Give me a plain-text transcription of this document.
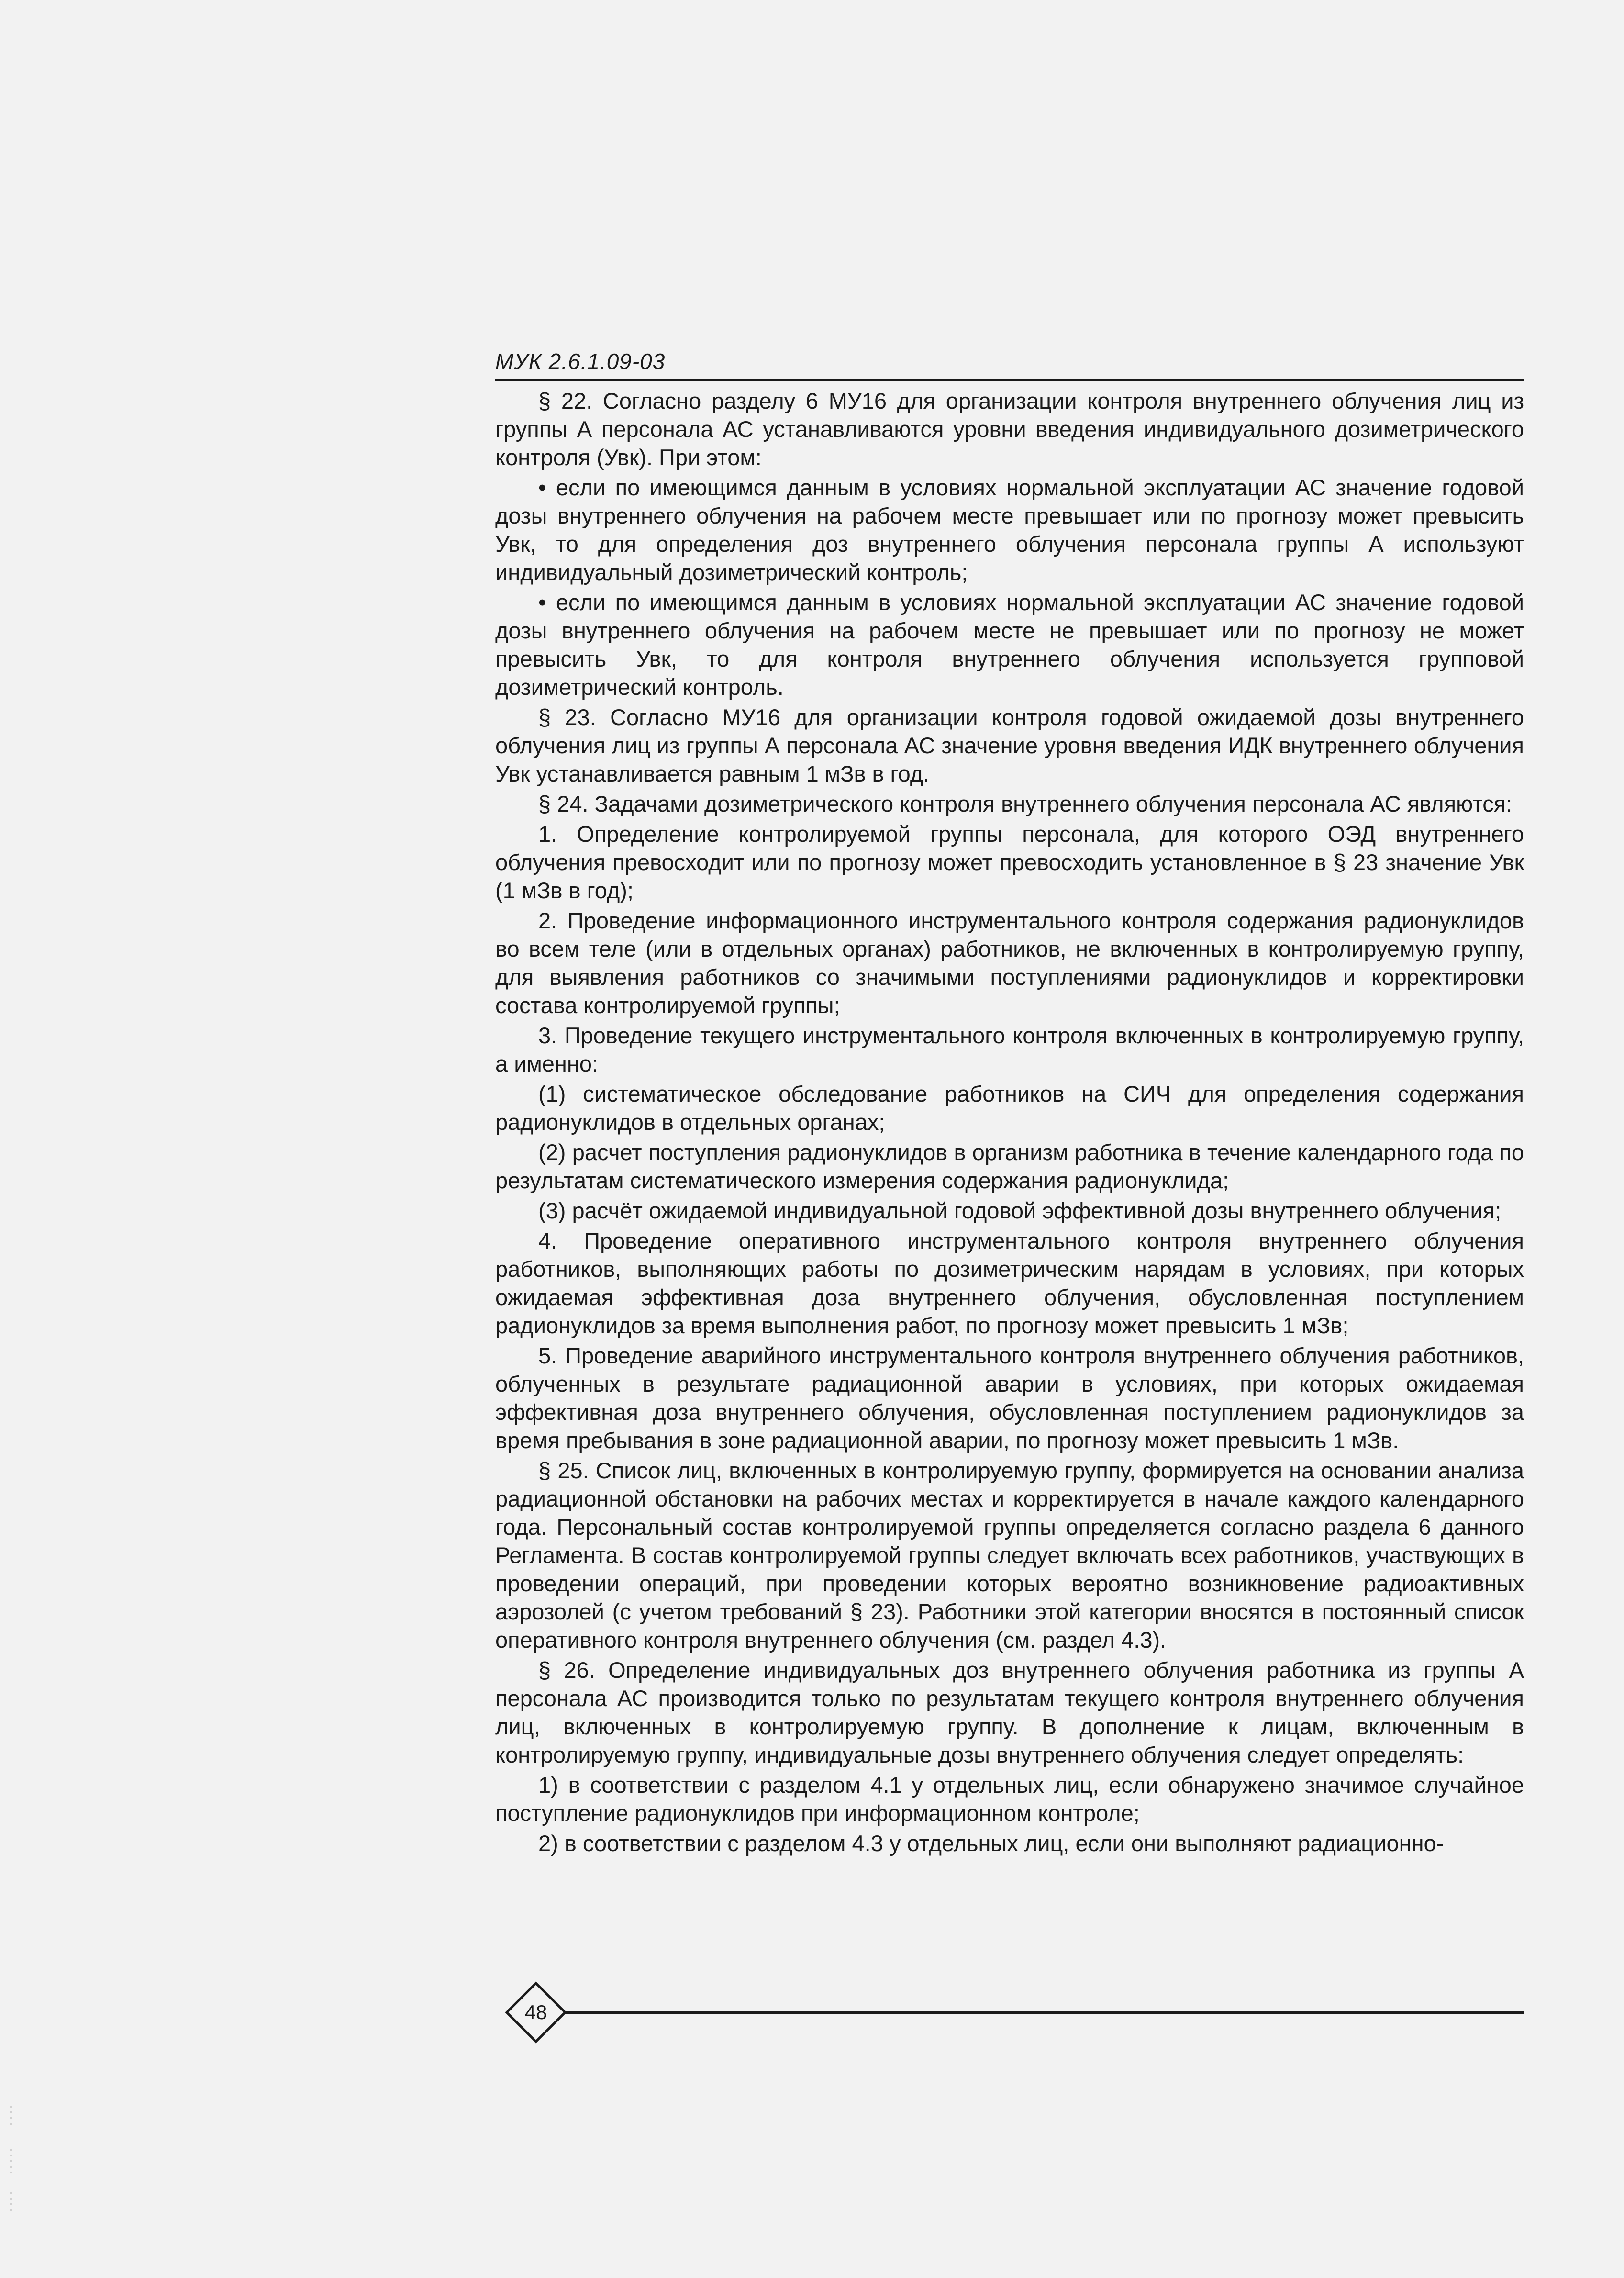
МУК 2.6.1.09-03

§ 22. Согласно разделу 6 МУ16 для организации контроля внутреннего облучения лиц из группы А персонала АС устанавливаются уровни введения индивидуального дозиметрического контроля (Увк). При этом:

• если по имеющимся данным в условиях нормальной эксплуатации АС значение годовой дозы внутреннего облучения на рабочем месте превышает или по прогнозу может превысить Увк, то для определения доз внутреннего облучения персонала группы А используют индивидуальный дозиметрический контроль;

• если по имеющимся данным в условиях нормальной эксплуатации АС значение годовой дозы внутреннего облучения на рабочем месте не превышает или по прогнозу не может превысить Увк, то для контроля внутреннего облучения используется групповой дозиметрический контроль.

§ 23. Согласно МУ16 для организации контроля годовой ожидаемой дозы внутреннего облучения лиц из группы А персонала АС значение уровня введения ИДК внутреннего облучения Увк устанавливается равным 1 мЗв в год.

§ 24. Задачами дозиметрического контроля внутреннего облучения персонала АС являются:

1. Определение контролируемой группы персонала, для которого ОЭД внутреннего облучения превосходит или по прогнозу может превосходить установленное в § 23 значение Увк (1 мЗв в год);

2. Проведение информационного инструментального контроля содержания радионуклидов во всем теле (или в отдельных органах) работников, не включенных в контролируемую группу, для выявления работников со значимыми поступлениями радионуклидов и корректировки состава контролируемой группы;

3. Проведение текущего инструментального контроля включенных в контролируемую группу, а именно:

(1) систематическое обследование работников на СИЧ для определения содержания радионуклидов в отдельных органах;

(2) расчет поступления радионуклидов в организм работника в течение календарного года по результатам систематического измерения содержания радионуклида;

(3) расчёт ожидаемой индивидуальной годовой эффективной дозы внутреннего облучения;

4. Проведение оперативного инструментального контроля внутреннего облучения работников, выполняющих работы по дозиметрическим нарядам в условиях, при которых ожидаемая эффективная доза внутреннего облучения, обусловленная поступлением радионуклидов за время выполнения работ, по прогнозу может превысить 1 мЗв;

5. Проведение аварийного инструментального контроля внутреннего облучения работников, облученных в результате радиационной аварии в условиях, при которых ожидаемая эффективная доза внутреннего облучения, обусловленная поступлением радионуклидов за время пребывания в зоне радиационной аварии, по прогнозу может превысить 1 мЗв.

§ 25. Список лиц, включенных в контролируемую группу, формируется на основании анализа радиационной обстановки на рабочих местах и корректируется в начале каждого календарного года. Персональный состав контролируемой группы определяется согласно раздела 6 данного Регламента. В состав контролируемой группы следует включать всех работников, участвующих в проведении операций, при проведении которых вероятно возникновение радиоактивных аэрозолей (с учетом требований § 23). Работники этой категории вносятся в постоянный список оперативного контроля внутреннего облучения (см. раздел 4.3).

§ 26. Определение индивидуальных доз внутреннего облучения работника из группы А персонала АС производится только по результатам текущего контроля внутреннего облучения лиц, включенных в контролируемую группу. В дополнение к лицам, включенным в контролируемую группу, индивидуальные дозы внутреннего облучения следует определять:

1) в соответствии с разделом 4.1 у отдельных лиц, если обнаружено значимое случайное поступление радионуклидов при информационном контроле;

2) в соответствии с разделом 4.3 у отдельных лиц, если они выполняют радиационно-

48
